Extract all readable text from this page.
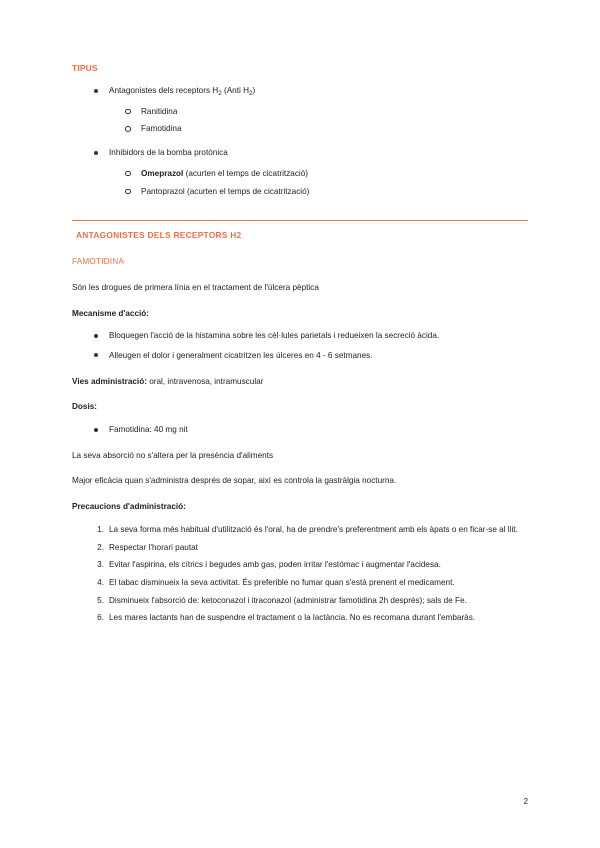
TIPUS
Antagonistes dels receptors $H_2$ (Anti $H_2$)
Ranitidina
Famotidina
Inhibidors de la bomba protònica
Omeprazol (acurten el temps de cicatrització)
Pantoprazol (acurten el temps de cicatrització)
ANTAGONISTES DELS RECEPTORS H2
FAMOTIDINA

Són les drogues de primera línia en el tractament de l'úlcera pèptica

Mecanisme d'acció:

Bloquegen l'acció de la histamina sobre les cèl·lules parietals i redueixen la secreció àcida.
Alleugen el dolor i generalment cicatritzen les úlceres en 4 - 6 setmanes.

Vies administració: oral, intravenosa, intramuscular

Dosis:

Famotidina: 40 mg nit

La seva absorció no s'altera per la presència d'aliments

Major eficàcia quan s'administra després de sopar, així es controla la gastràlgia nocturna.

Precaucions d'administració:

La seva forma més habitual d'utilització és l'oral, ha de prendre's preferentment amb els àpats o en ficar-se al llit.
Respectar l'horari pautat
Evitar l'aspirina, els cítrics i begudes amb gas, poden irritar l'estómac i augmentar l'acidesa.
El tabac disminueix la seva activitat. És preferible no fumar quan s'està prenent el medicament.
Disminueix l'absorció de: ketoconazol i itraconazol (administrar famotidina 2h després); sals de Fe.
Les mares lactants han de suspendre el tractament o la lactància. No es recomana durant l'embaràs.
2
